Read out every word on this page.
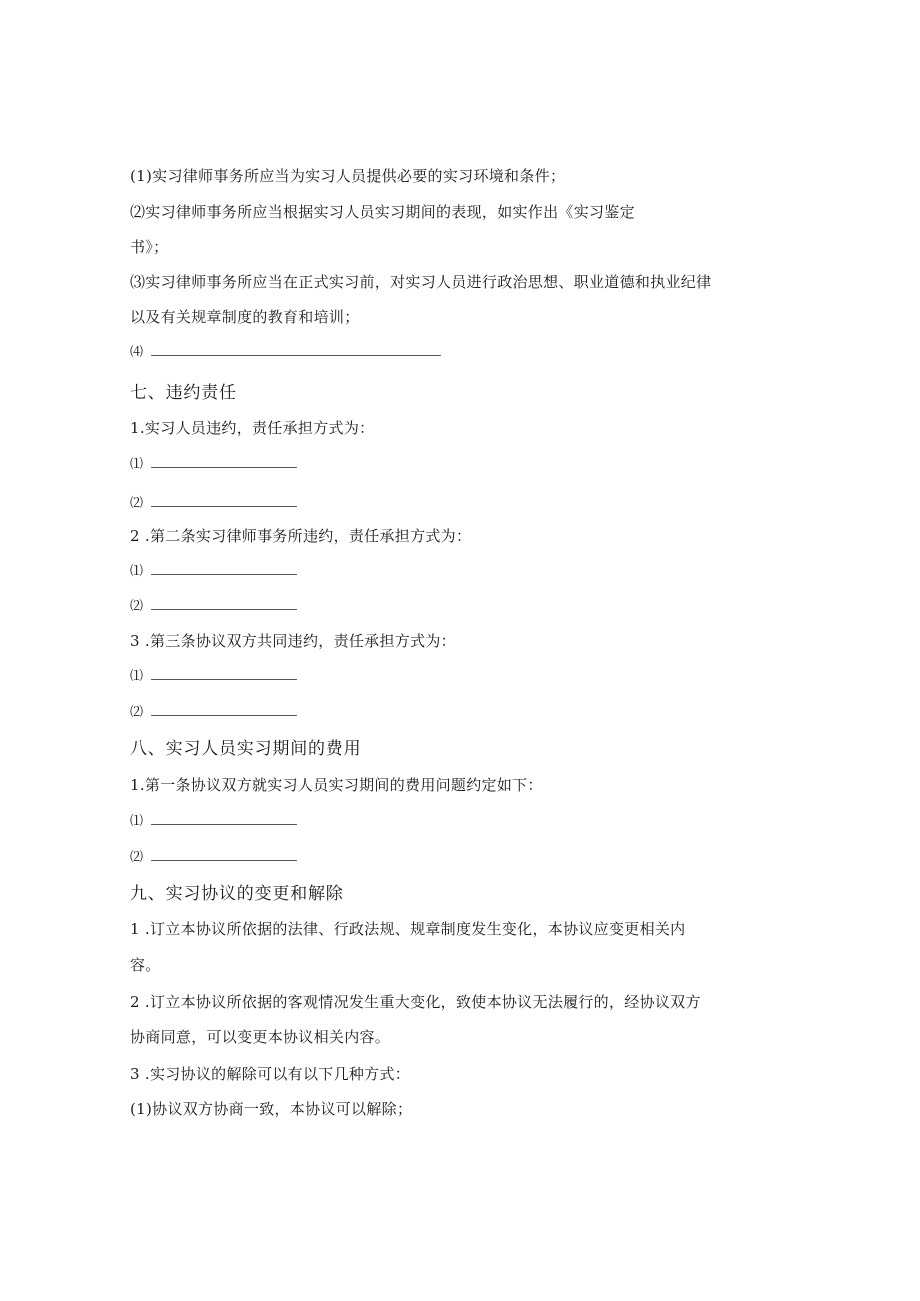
(1)实习律师事务所应当为实习人员提供必要的实习环境和条件；
⑵实习律师事务所应当根据实习人员实习期间的表现，如实作出《实习鉴定
书》；
⑶实习律师事务所应当在正式实习前，对实习人员进行政治思想、职业道德和执业纪律
以及有关规章制度的教育和培训；
⑷
七、违约责任
1.实习人员违约，责任承担方式为：
⑴
⑵
2 .第二条实习律师事务所违约，责任承担方式为：
⑴
⑵
3 .第三条协议双方共同违约，责任承担方式为：
⑴
⑵
八、实习人员实习期间的费用
1.第一条协议双方就实习人员实习期间的费用问题约定如下：
⑴
⑵
九、实习协议的变更和解除
1 .订立本协议所依据的法律、行政法规、规章制度发生变化，本协议应变更相关内
容。
2 .订立本协议所依据的客观情况发生重大变化，致使本协议无法履行的，经协议双方
协商同意，可以变更本协议相关内容。
3 .实习协议的解除可以有以下几种方式：
(1)协议双方协商一致，本协议可以解除；
